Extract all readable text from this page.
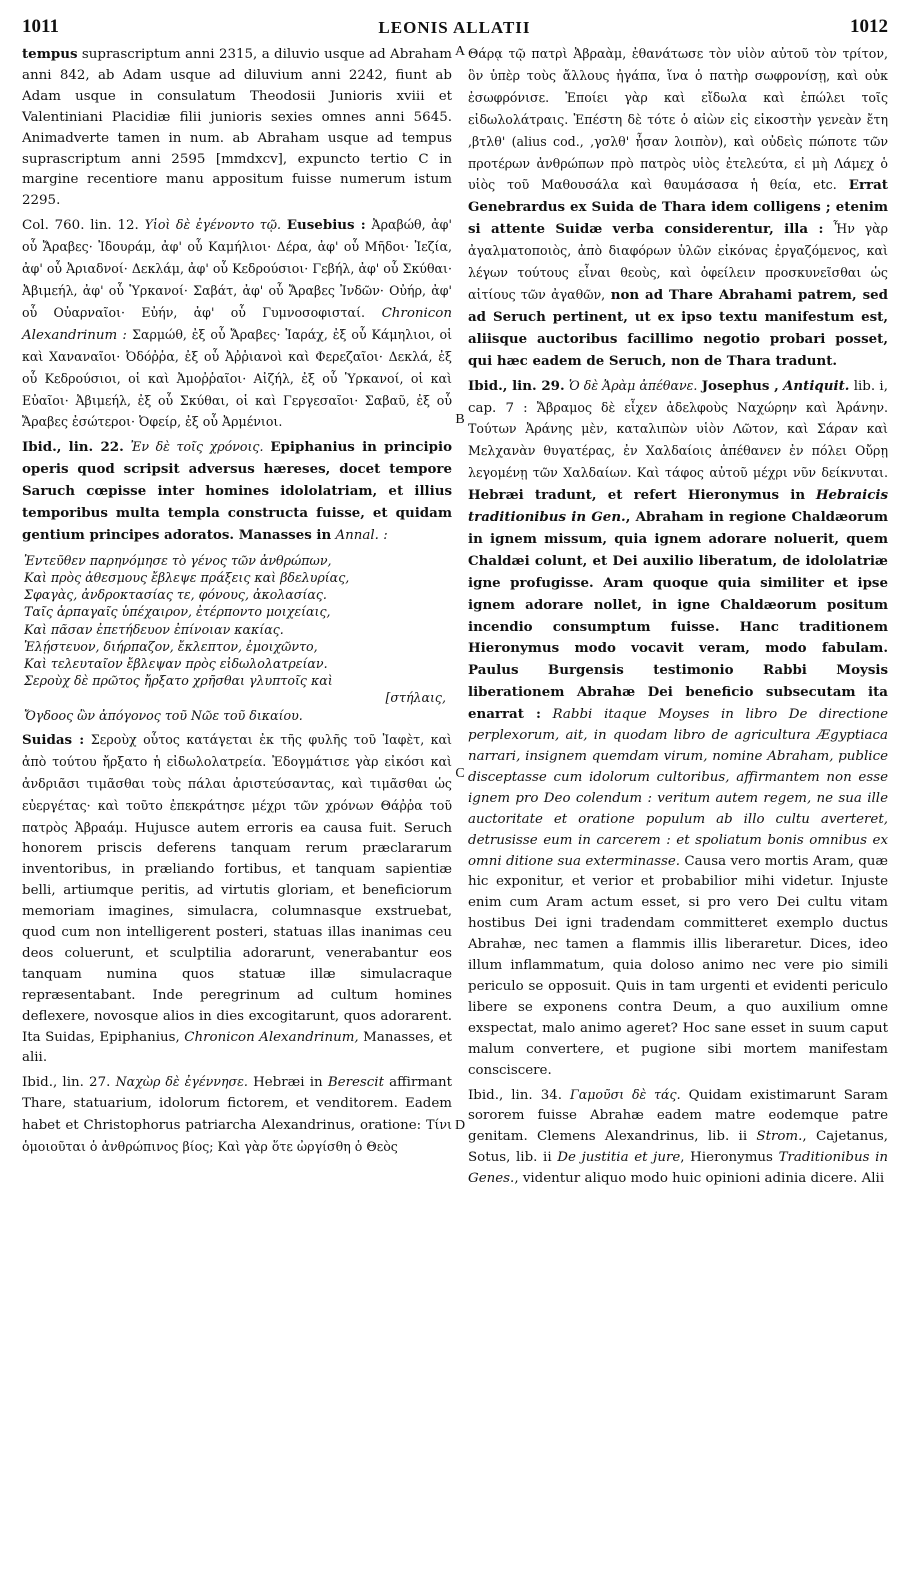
1011	LEONIS ALLATII	1012

tempus suprascriptum anni 2315, a diluvio usque ad Abraham anni 842, ab Adam usque ad diluvium anni 2242, fiunt ab Adam usque in consulatum Theodosii Junioris xviii et Valentiniani Placidiæ filii junioris sexies omnes anni 5645. Animadverte tamen in num. ab Abraham usque ad tempus suprascriptum anni 2595 [mmdxcv], expuncto tertio C in margine recentiore manu appositum fuisse numerum istum 2295.

Col. 760. lin. 12. Υἱοὶ δὲ ἐγένοντο τῷ. Eusebius : Ἀραβώθ, ἀφ' οὗ Ἄραβες· Ἰδουράμ, ἀφ' οὗ Καμήλιοι· Δέρα, ἀφ' οὗ Μῆδοι· Ἰεζία, ἀφ' οὗ Ἀριαδνοί· Δεκλάμ, ἀφ' οὗ Κεδρούσιοι· Γεβήλ, ἀφ' οὗ Σκύθαι· Ἀβιμεήλ, ἀφ' οὗ Ὑρκανοί· Σαβάτ, ἀφ' οὗ Ἄραβες Ἰνδῶν· Οὐήρ, ἀφ' οὗ Οὐαρναῖοι· Εὐήν, ἀφ' οὗ Γυμνοσοφισταί. Chronicon Alexandrinum : Σαρμώθ, ἐξ οὗ Ἄραβες· Ἱαράχ, ἐξ οὗ Κάμηλιοι, οἱ καὶ Χαναναῖοι· Ὀδόῤῥα, ἐξ οὗ Ἀῤῥιανοὶ καὶ Φερεζαῖοι· Δεκλά, ἐξ οὗ Κεδρούσιοι, οἱ καὶ Ἀμοῤῥαῖοι· Αἰζήλ, ἐξ οὗ Ὑρκανοί, οἱ καὶ Εὐαῖοι· Ἀβιμεήλ, ἐξ οὗ Σκύθαι, οἱ καὶ Γεργεσαῖοι· Σαβαῦ, ἐξ οὗ Ἄραβες ἐσώτεροι· Ὀφείρ, ἐξ οὗ Ἀρμένιοι.

Ibid., lin. 22. Ἐν δὲ τοῖς χρόνοις. Epiphanius in principio operis quod scripsit adversus hæreses, docet tempore Saruch cœpisse inter homines idololatriam, et illius temporibus multa templa constructa fuisse, et quidam gentium principes adoratos. Manasses in Annal. :

Ἐντεῦθεν παρηνόμησε τὸ γένος τῶν ἀνθρώπων,
Καὶ πρὸς ἀθεσμους ἔβλεψε πράξεις καὶ βδελυρίας,
Σφαγὰς, ἀνδροκτασίας τε, φόνους, ἀκολασίας.
Ταῖς ἁρπαγαῖς ὑπέχαιρον, ἐτέρποντο μοιχείαις,
Καὶ πᾶσαν ἐπετήδευον ἐπίνοιαν κακίας.
Ἐλῄστευον, διήρπαζον, ἔκλεπτον, ἐμοιχῶντο,
Καὶ τελευταῖον ἔβλεψαν πρὸς εἰδωλολατρείαν.
Σεροὺχ δὲ πρῶτος ἤρξατο χρῆσθαι γλυπτοῖς καὶ
[στήλαις,
Ὄγδοος ὢν ἀπόγονος τοῦ Νῶε τοῦ δικαίου.

Suidas : Σεροὺχ οὗτος κατάγεται ἐκ τῆς φυλῆς τοῦ Ἰαφὲτ, καὶ ἀπὸ τούτου ἤρξατο ἡ εἰδωλολατρεία. Ἐδογμάτισε γὰρ εἰκόσι καὶ ἀνδριᾶσι τιμᾶσθαι τοὺς πάλαι ἀριστεύσαντας, καὶ τιμᾶσθαι ὡς εὐεργέτας· καὶ τοῦτο ἐπεκράτησε μέχρι τῶν χρόνων Θάῤῥα τοῦ πατρὸς Ἀβραάμ. Hujusce autem erroris ea causa fuit. Seruch honorem priscis deferens tanquam rerum præclararum inventoribus, in præliando fortibus, et tanquam sapientiæ belli, artiumque peritis, ad virtutis gloriam, et beneficiorum memoriam imagines, simulacra, columnasque exstruebat, quod cum non intelligerent posteri, statuas illas inanimas ceu deos coluerunt, et sculptilia adorarunt, venerabantur eos tanquam numina quos statuæ illæ simulacraque repræsentabant. Inde peregrinum ad cultum homines deflexere, novosque alios in dies excogitarunt, quos adorarent. Ita Suidas, Epiphanius, Chronicon Alexandrinum, Manasses, et alii.

Ibid., lin. 27. Ναχὼρ δὲ ἐγέννησε. Hebræi in Berescit affirmant Thare, statuarium, idolorum fictorem, et venditorem. Eadem habet et Christophorus patriarcha Alexandrinus, oratione: Τίνι ὁμοιοῦται ὁ ἀνθρώπινος βίος; Καὶ γὰρ ὅτε ὠργίσθη ὁ Θεὸς

A
B
C
D

Θάρᾳ τῷ πατρὶ Ἀβραὰμ, ἐθανάτωσε τὸν υἱὸν αὐτοῦ τὸν τρίτον, ὃν ὑπὲρ τοὺς ἄλλους ἠγάπα, ἵνα ὁ πατὴρ σωφρονίσῃ, καὶ οὐκ ἐσωφρόνισε. Ἐποίει γὰρ καὶ εἴδωλα καὶ ἐπώλει τοῖς εἰδωλολάτραις. Ἐπέστη δὲ τότε ὁ αἰὼν εἰς εἰκοστὴν γενεὰν ἔτη ,βτλθ' (alius cod., ,γσλθ' ἦσαν λοιπὸν), καὶ οὐδεὶς πώποτε τῶν προτέρων ἀνθρώπων πρὸ πατρὸς υἱὸς ἐτελεύτα, εἰ μὴ Λάμεχ ὁ υἱὸς τοῦ Μαθουσάλα καὶ θαυμάσασα ἡ θεία, etc. Errat Genebrardus ex Suida de Thara idem colligens ; etenim si attente Suidæ verba considerentur, illa : Ἦν γὰρ ἀγαλματοποιὸς, ἀπὸ διαφόρων ὑλῶν εἰκόνας ἐργαζόμενος, καὶ λέγων τούτους εἶναι θεοὺς, καὶ ὀφείλειν προσκυνεῖσθαι ὡς αἰτίους τῶν ἀγαθῶν, non ad Thare Abrahami patrem, sed ad Seruch pertinent, ut ex ipso textu manifestum est, aliisque auctoribus facillimo negotio probari posset, qui hæc eadem de Seruch, non de Thara tradunt.

Ibid., lin. 29. Ὁ δὲ Ἀρὰμ ἀπέθανε. Josephus , Antiquit. lib. i, cap. 7 : Ἄβραμος δὲ εἶχεν ἀδελφοὺς Ναχώρην καὶ Ἀράνην. Τούτων Ἀράνης μὲν, καταλιπὼν υἱὸν Λῶτον, καὶ Σάραν καὶ Μελχανὰν θυγατέρας, ἐν Χαλδαίοις ἀπέθανεν ἐν πόλει Οὔρῃ λεγομένῃ τῶν Χαλδαίων. Καὶ τάφος αὐτοῦ μέχρι νῦν δείκνυται. Hebræi tradunt, et refert Hieronymus in Hebraicis traditionibus in Gen., Abraham in regione Chaldæorum in ignem missum, quia ignem adorare noluerit, quem Chaldæi colunt, et Dei auxilio liberatum, de idololatriæ igne profugisse. Aram quoque quia similiter et ipse ignem adorare nollet, in igne Chaldæorum positum incendio consumptum fuisse. Hanc traditionem Hieronymus modo vocavit veram, modo fabulam. Paulus Burgensis testimonio Rabbi Moysis liberationem Abrahæ Dei beneficio subsecutam ita enarrat : Rabbi itaque Moyses in libro De directione perplexorum, ait, in quodam libro de agricultura Ægyptiaca narrari, insignem quemdam virum, nomine Abraham, publice disceptasse cum idolorum cultoribus, affirmantem non esse ignem pro Deo colendum : veritum autem regem, ne sua ille auctoritate et oratione populum ab illo cultu averteret, detrusisse eum in carcerem : et spoliatum bonis omnibus ex omni ditione sua exterminasse. Causa vero mortis Aram, quæ hic exponitur, et verior et probabilior mihi videtur. Injuste enim cum Aram actum esset, si pro vero Dei cultu vitam hostibus Dei igni tradendam committeret exemplo ductus Abrahæ, nec tamen a flammis illis liberaretur. Dices, ideo illum inflammatum, quia doloso animo nec vere pio simili periculo se opposuit. Quis in tam urgenti et evidenti periculo libere se exponens contra Deum, a quo auxilium omne exspectat, malo animo ageret? Hoc sane esset in suum caput malum convertere, et pugione sibi mortem manifestam consciscere.

Ibid., lin. 34. Γαμοῦσι δὲ τάς. Quidam existimarunt Saram sororem fuisse Abrahæ eadem matre eodemque patre genitam. Clemens Alexandrinus, lib. ii Strom., Cajetanus, Sotus, lib. ii De justitia et jure, Hieronymus Traditionibus in Genes., videntur aliquo modo huic opinioni adinia dicere. Alii
